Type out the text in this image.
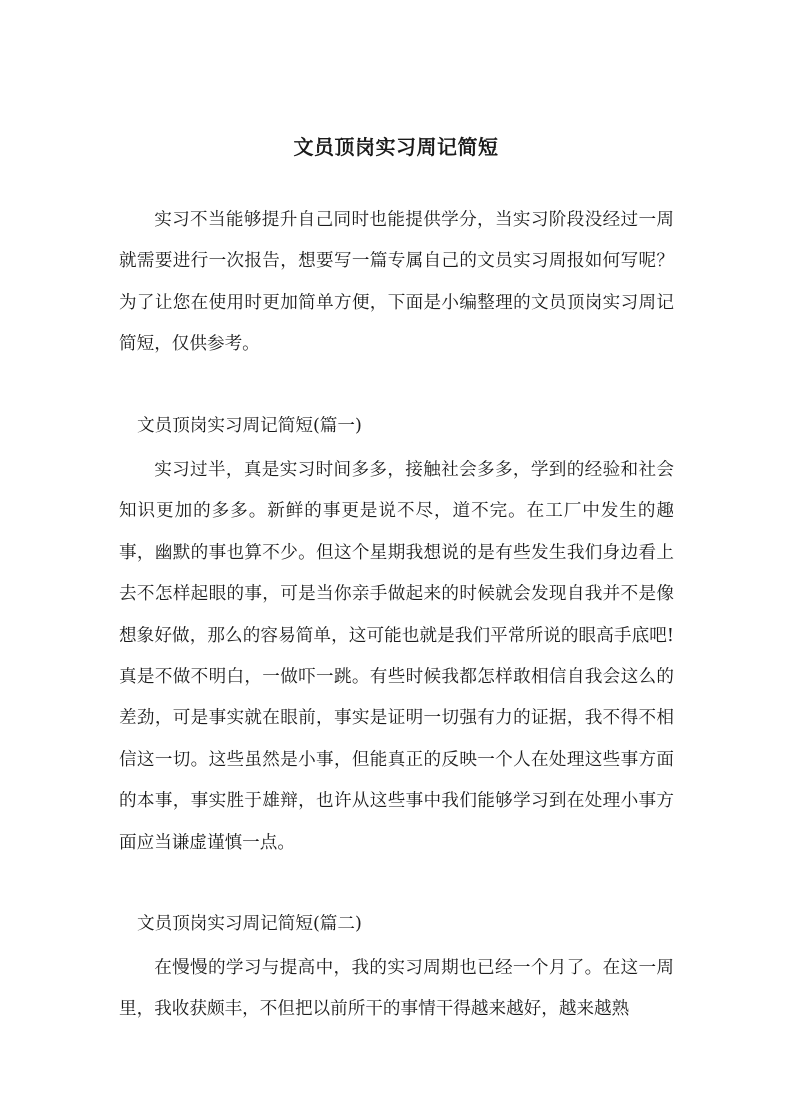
文员顶岗实习周记简短

实习不当能够提升自己同时也能提供学分，当实习阶段没经过一周就需要进行一次报告，想要写一篇专属自己的文员实习周报如何写呢？为了让您在使用时更加简单方便，下面是小编整理的文员顶岗实习周记简短，仅供参考。

文员顶岗实习周记简短(篇一)

实习过半，真是实习时间多多，接触社会多多，学到的经验和社会知识更加的多多。新鲜的事更是说不尽，道不完。在工厂中发生的趣事，幽默的事也算不少。但这个星期我想说的是有些发生我们身边看上去不怎样起眼的事，可是当你亲手做起来的时候就会发现自我并不是像想象好做，那么的容易简单，这可能也就是我们平常所说的眼高手底吧!真是不做不明白，一做吓一跳。有些时候我都怎样敢相信自我会这么的差劲，可是事实就在眼前，事实是证明一切强有力的证据，我不得不相信这一切。这些虽然是小事，但能真正的反映一个人在处理这些事方面的本事，事实胜于雄辩，也许从这些事中我们能够学习到在处理小事方面应当谦虚谨慎一点。

文员顶岗实习周记简短(篇二)

在慢慢的学习与提高中，我的实习周期也已经一个月了。在这一周里，我收获颇丰，不但把以前所干的事情干得越来越好，越来越熟
